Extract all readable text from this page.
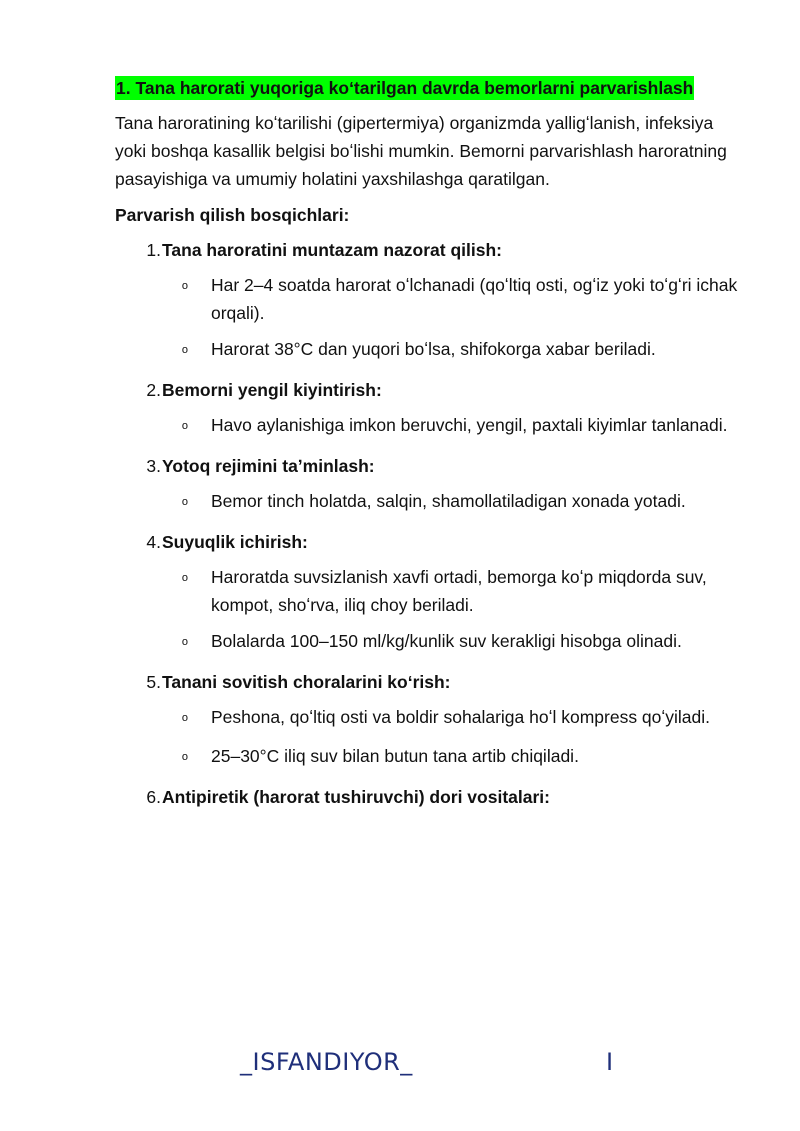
1. Tana harorati yuqoriga koʻtarilgan davrda bemorlarni parvarishlash

Tana haroratining koʻtarilishi (gipertermiya) organizmda yalligʻlanish, infeksiya yoki boshqa kasallik belgisi boʻlishi mumkin. Bemorni parvarishlash haroratning pasayishiga va umumiy holatini yaxshilashga qaratilgan.

Parvarish qilish bosqichlari:

1. Tana haroratini muntazam nazorat qilish:
o	Har 2–4 soatda harorat oʻlchanadi (qoʻltiq osti, ogʻiz yoki toʻgʻri ichak orqali).
o	Harorat 38°C dan yuqori boʻlsa, shifokorga xabar beriladi.
2. Bemorni yengil kiyintirish:
o	Havo aylanishiga imkon beruvchi, yengil, paxtali kiyimlar tanlanadi.
3. Yotoq rejimini taʼminlash:
o	Bemor tinch holatda, salqin, shamollatiladigan xonada yotadi.
4. Suyuqlik ichirish:
o	Haroratda suvsizlanish xavfi ortadi, bemorga koʻp miqdorda suv, kompot, shoʻrva, iliq choy beriladi.
o	Bolalarda 100–150 ml/kg/kunlik suv kerakligi hisobga olinadi.
5. Tanani sovitish choralarini koʻrish:
o	Peshona, qoʻltiq osti va boldir sohalariga hoʻl kompress qoʻyiladi.
o	25–30°C iliq suv bilan butun tana artib chiqiladi.
6. Antipiretik (harorat tushiruvchi) dori vositalari:
_ISFANDIYOR_	I
